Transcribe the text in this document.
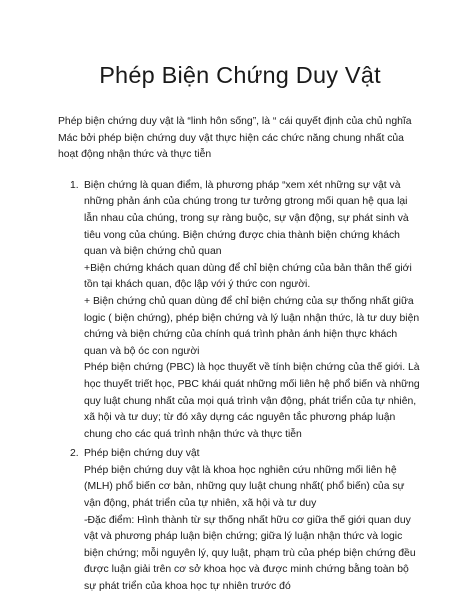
Phép Biện Chứng Duy Vật

Phép biện chứng duy vật là “linh hôn sống”, là “ cái quyết định của chủ nghĩa Mác bởi phép biện chứng duy vật thực hiện các chức năng chung nhất của hoạt động nhận thức và thực tiễn

1. Biện chứng là quan điểm, là phương pháp “xem xét những sự vật và những phản ánh của chúng trong tư tưởng gtrong mối quan hệ qua lại lẫn nhau của chúng, trong sự ràng buộc, sự vận động, sự phát sinh và tiêu vong của chúng. Biện chứng được chia thành biện chứng khách quan và biện chứng chủ quan

+Biện chứng khách quan dùng để chỉ biện chứng của bản thân thế giới tồn tại khách quan, độc lập với ý thức con người.

+ Biện chứng chủ quan dùng để chỉ biện chứng của sự thống nhất giữa logic ( biện chứng), phép biện chứng và lý luận nhận thức, là tư duy biện chứng và biện chứng của chính quá trình phản ánh hiện thực khách quan và bộ óc con người

Phép biện chứng (PBC) là học thuyết về tính biện chứng của thế giới. Là học thuyết triết học, PBC khái quát những mối liên hệ phổ biến và những quy luật chung nhất của mọi quá trình vận động, phát triển của tự nhiên, xã hội và tư duy; từ đó xây dựng các nguyên tắc phương pháp luận chung cho các quá trình nhận thức và thực tiễn

2. Phép biện chứng duy vật

Phép biện chứng duy vật là khoa học nghiên cứu những mối liên hệ (MLH) phổ biến cơ bản, những quy luật chung nhất( phổ biến) của sự vận động, phát triển của tự nhiên, xã hội và tư duy

-Đặc điểm: Hình thành từ sự thống nhất hữu cơ giữa thế giới quan duy vật và phương pháp luận biện chứng; giữa lý luận nhận thức và logic biện chứng; mỗi nguyên lý, quy luật, phạm trù của phép biện chứng đều được luận giải trên cơ sở khoa học và được minh chứng bằng toàn bộ sự phát triển của khoa học tự nhiên trước đó
